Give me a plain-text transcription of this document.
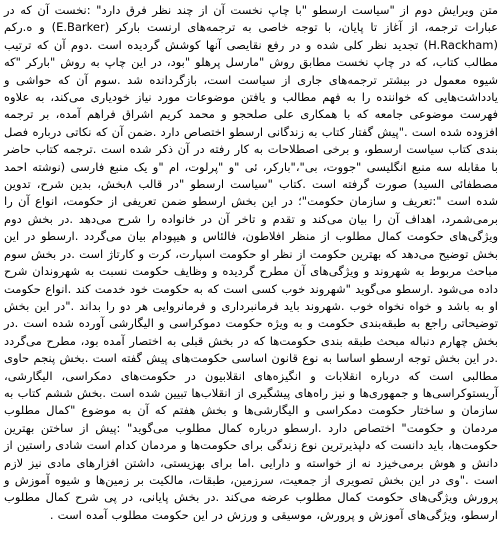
متن ویرایش دوم از "سیاست ارسطو "با چاپ نخست آن از چند نظر فرق دارد" :نخست آن که در عبارات ترجمه، از آغاز تا پایان، با توجه خاصی به ترجمه‌های ارنست بارکر (E.Barker) و ه.رکم (H.Rackham) تجدید نظر کلی شده و در رفع نقایصی آنها کوشش گردیده است .دوم آن که ترتیب مطالب کتاب، که در چاپ نخست مطابق روش "مارسل پرهلو "بود، در این چاپ به روش "بارکر "که شیوه معمول در بیشتر ترجمه‌های جاری از سیاست است، بازگردانده شد .سوم آن که حواشی و یادداشت‌هایی که خواننده را به فهم مطالب و یافتن موضوعات مورد نیاز خودیاری می‌کند، به علاوه فهرست موضوعی جامعه که با همکاری علی صلحجو و محمد کریم اشراق فراهم آمده، بر ترجمه افزوده شده است ."پیش گفتار کتاب به زندگانی ارسطو اختصاص دارد .ضمن آن که نکاتی درباره فصل بندی کتاب سیاست ارسطو، و برخی اصطلاحات به کار رفته در آن ذکر شده است .ترجمه کتاب حاضر با مقابله سه منبع انگلیسی "جووت، بی"،"بارکر، ئی "و "پرلوت، ام "و یک منبع فارسی (نوشته احمد مصطفائی السید) صورت گرفته است .کتاب "سیاست ارسطو "در قالب ۸بخش، بدین شرح، تدوین شده است ":تعریف و سازمان حکومت"؛ در این بخش ارسطو ضمن تعریفی از حکومت، انواع آن را برمی‌شمرد، اهداف آن را بیان می‌کند و تقدم و تاخر آن در خانواده را شرح می‌دهد .در بخش دوم ویژگی‌های حکومت کمال مطلوب از منظر افلاطون، فالئاس و هیپودام بیان می‌گردد .ارسطو در این بخش توضیح می‌دهد که بهترین حکومت از نظر او حکومت اسپارت، کرت و کارتاژ است .در بخش سوم مباحث مربوط به شهروند و ویژگی‌های آن مطرح گردیده و وظایف حکومت نسبت به شهروندان شرح داده می‌شود .ارسطو می‌گوید "شهروند خوب کسی است که به حکومت خود خدمت کند .انواع حکومت او به باشد و خواه نخواه خوب .شهروند باید فرمانبرداری و فرمانروایی هر دو را بداند ."در این بخش توضیحاتی راجع به طبقه‌بندی حکومت و به ویژه حکومت دموکراسی و الیگارشی آورده شده است .در بخش چهارم دنباله مبحث طبقه بندی حکومت‌ها که در بخش قبلی به اختصار آمده بود، مطرح می‌گردد .در این بخش توجه ارسطو اساسا به نوع قانون اساسی حکومت‌های پیش گفته است .بخش پنجم حاوی مطالبی است که درباره انقلابات و انگیزه‌های انقلابیون در حکومت‌های دمکراسی، الیگارشی، آریستوکراسی‌ها و جمهوری‌ها و نیز راه‌های پیشگیری از انقلاب‌ها تبیین شده است .بخش ششم کتاب به سازمان و ساختار حکومت دمکراسی و الیگارشی‌ها و بخش هفتم که آن به موضوع "کمال مطلوب مردمان و حکومت" اختصاص دارد .ارسطو درباره کمال مطلوب می‌گوید" :پیش از ساختن بهترین حکومت‌ها، باید دانست که دلپذیرترین نوع زندگی برای حکومت‌ها و مردمان کدام است شادی راستین از دانش و هوش برمی‌خیزد نه از خواسته و دارایی .اما برای بهزیستی، داشتن افزارهای مادی نیز لازم است ."وی در این بخش تصویری از جمعیت، سرزمین، طبقات، مالکیت بر زمین‌ها و شیوه آموزش و پرورش ویژگی‌های حکومت کمال مطلوب عرضه می‌کند .در بخش پایانی، در پی شرح کمال مطلوب ارسطو، ویژگی‌های آموزش و پرورش، موسیقی و ورزش در این حکومت مطلوب آمده است .
